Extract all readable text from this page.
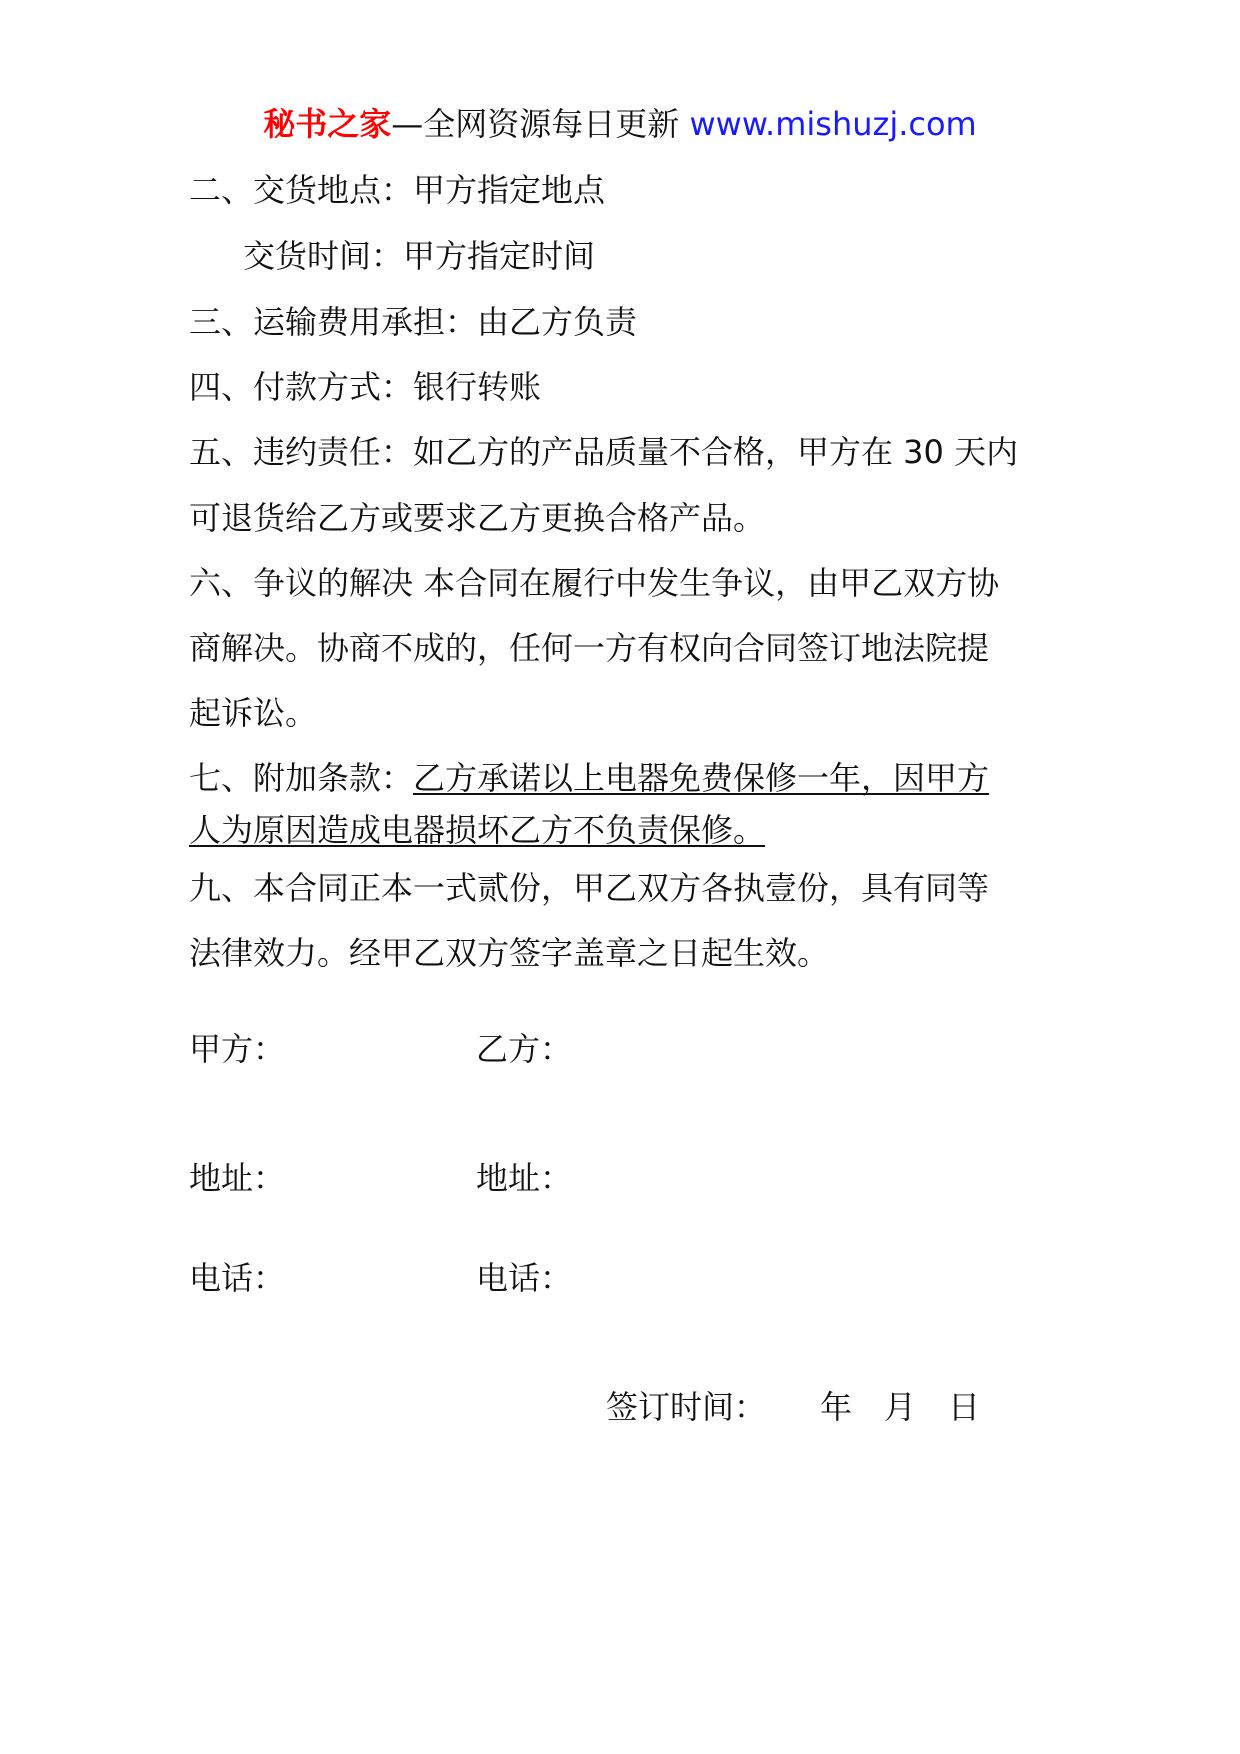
秘书之家—全网资源每日更新 www.mishuzj.com
二、交货地点：甲方指定地点
交货时间：甲方指定时间
三、运输费用承担：由乙方负责
四、付款方式：银行转账
五、违约责任：如乙方的产品质量不合格，甲方在 30 天内
可退货给乙方或要求乙方更换合格产品。
六、争议的解决 本合同在履行中发生争议，由甲乙双方协
商解决。协商不成的，任何一方有权向合同签订地法院提
起诉讼。
七、附加条款：乙方承诺以上电器免费保修一年，因甲方
人为原因造成电器损坏乙方不负责保修。
九、本合同正本一式贰份，甲乙双方各执壹份，具有同等
法律效力。经甲乙双方签字盖章之日起生效。
甲方：	乙方：
地址：	地址：
电话：	电话：
签订时间： 年 月 日
